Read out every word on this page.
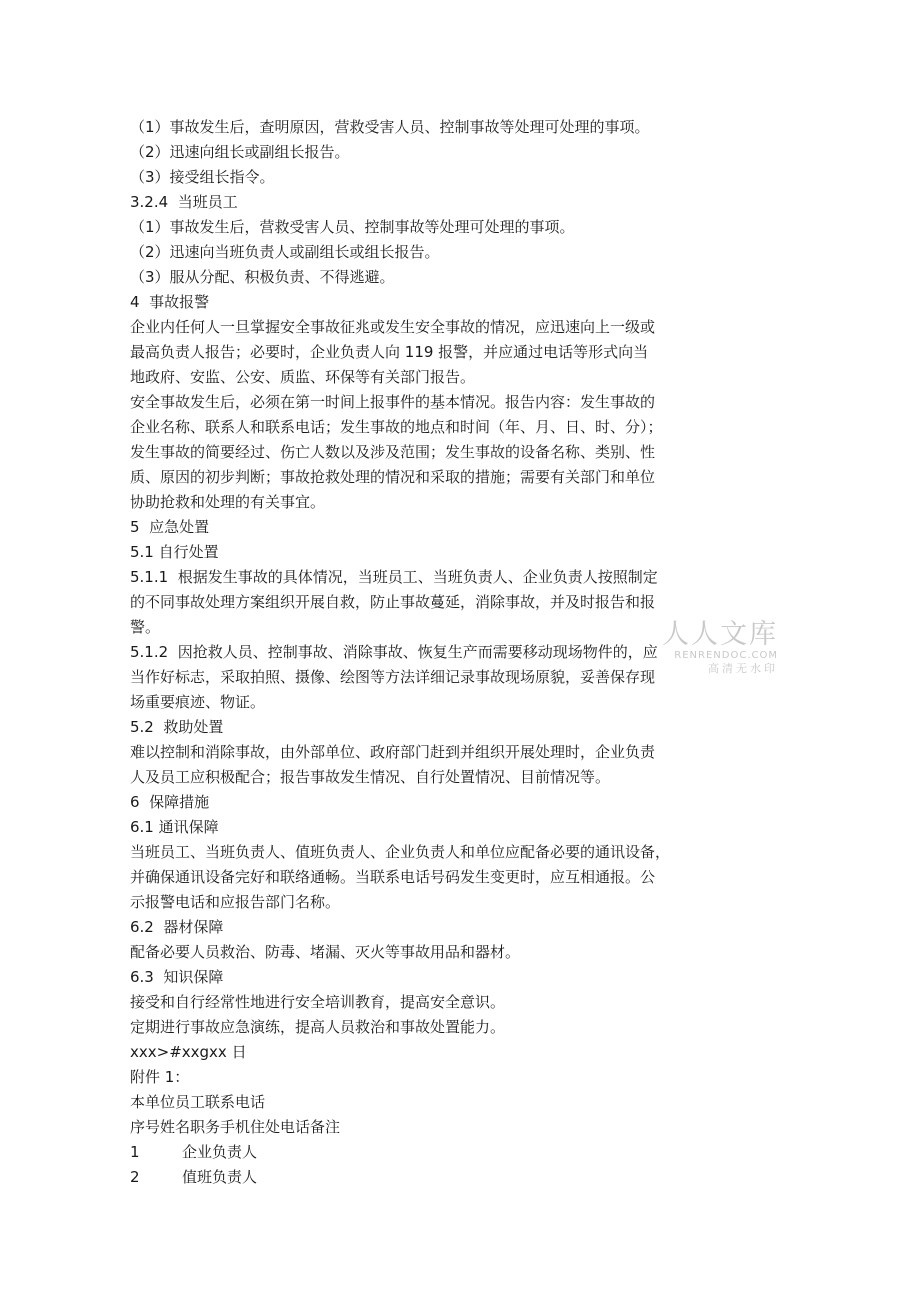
（1）事故发生后，查明原因，营救受害人员、控制事故等处理可处理的事项。
（2）迅速向组长或副组长报告。
（3）接受组长指令。
3.2.4  当班员工
（1）事故发生后，营救受害人员、控制事故等处理可处理的事项。
（2）迅速向当班负责人或副组长或组长报告。
（3）服从分配、积极负责、不得逃避。
4  事故报警
企业内任何人一旦掌握安全事故征兆或发生安全事故的情况，应迅速向上一级或
最高负责人报告；必要时，企业负责人向 119 报警，并应通过电话等形式向当
地政府、安监、公安、质监、环保等有关部门报告。
安全事故发生后，必须在第一时间上报事件的基本情况。报告内容：发生事故的
企业名称、联系人和联系电话；发生事故的地点和时间（年、月、日、时、分）；
发生事故的简要经过、伤亡人数以及涉及范围；发生事故的设备名称、类别、性
质、原因的初步判断；事故抢救处理的情况和采取的措施；需要有关部门和单位
协助抢救和处理的有关事宜。
5  应急处置
5.1 自行处置
5.1.1  根据发生事故的具体情况，当班员工、当班负责人、企业负责人按照制定
的不同事故处理方案组织开展自救，防止事故蔓延，消除事故，并及时报告和报
警。
5.1.2  因抢救人员、控制事故、消除事故、恢复生产而需要移动现场物件的，应
当作好标志，采取拍照、摄像、绘图等方法详细记录事故现场原貌，妥善保存现
场重要痕迹、物证。
5.2  救助处置
难以控制和消除事故，由外部单位、政府部门赶到并组织开展处理时，企业负责
人及员工应积极配合；报告事故发生情况、自行处置情况、目前情况等。
6  保障措施
6.1 通讯保障
当班员工、当班负责人、值班负责人、企业负责人和单位应配备必要的通讯设备，
并确保通讯设备完好和联络通畅。当联系电话号码发生变更时，应互相通报。公
示报警电话和应报告部门名称。
6.2  器材保障
配备必要人员救治、防毒、堵漏、灭火等事故用品和器材。
6.3  知识保障
接受和自行经常性地进行安全培训教育，提高安全意识。
定期进行事故应急演练，提高人员救治和事故处置能力。
xxx>#xxgxx 日
附件 1：
本单位员工联系电话
序号姓名职务手机住处电话备注
1	企业负责人
2	值班负责人
人人文库
RENRENDOC.COM
高清无水印
